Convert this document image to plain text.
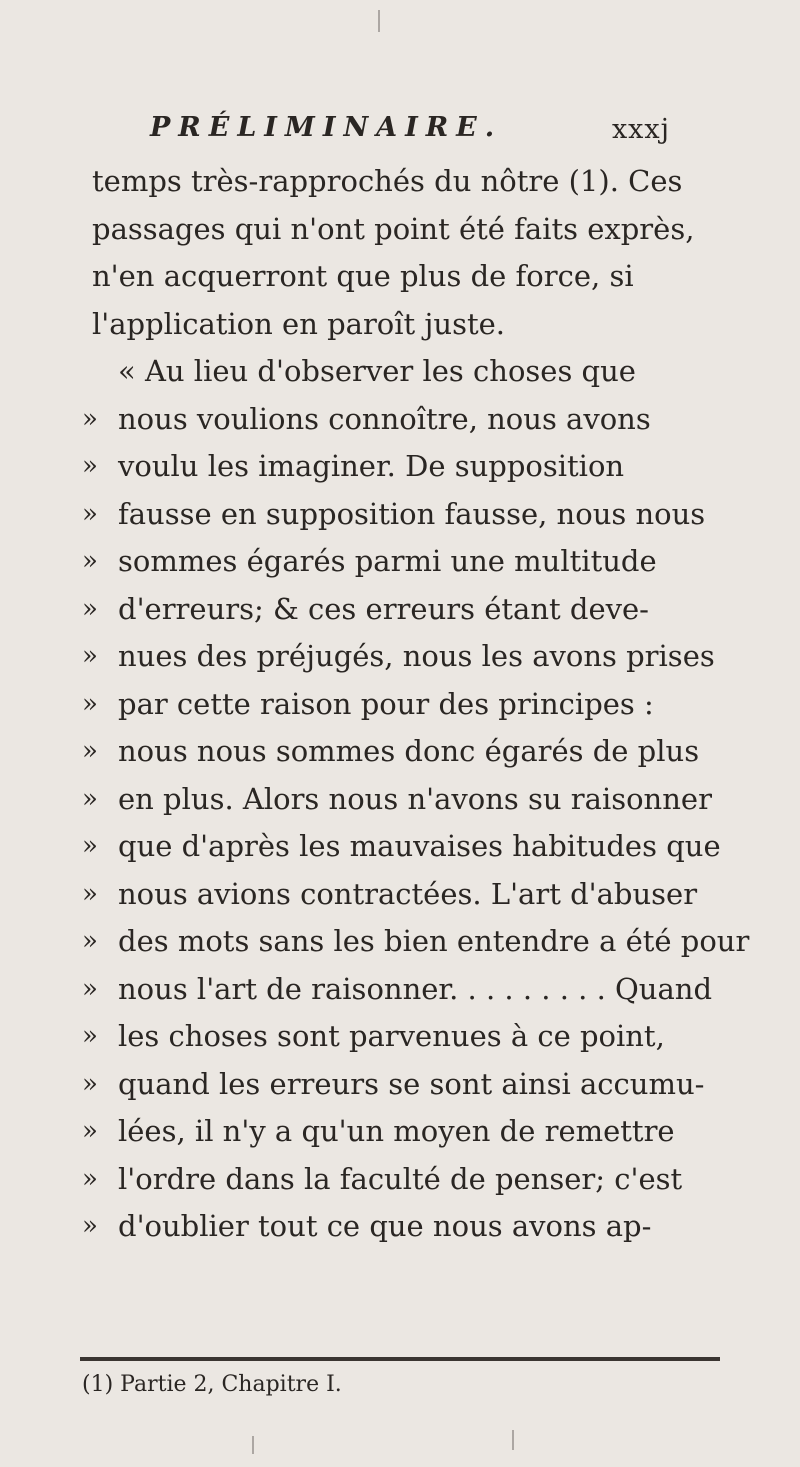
PRÉLIMINAIRE.	xxxj
temps très-rapprochés du nôtre (1). Ces
passages qui n'ont point été faits exprès,
n'en acquerront que plus de force, si
l'application en paroît juste.
« Au lieu d'observer les choses que
» nous voulions connoître, nous avons
» voulu les imaginer. De supposition
» fausse en supposition fausse, nous nous
» sommes égarés parmi une multitude
» d'erreurs; & ces erreurs étant deve-
» nues des préjugés, nous les avons prises
» par cette raison pour des principes :
» nous nous sommes donc égarés de plus
» en plus. Alors nous n'avons su raisonner
» que d'après les mauvaises habitudes que
» nous avions contractées. L'art d'abuser
» des mots sans les bien entendre a été pour
» nous l'art de raisonner. . . . . . . . . Quand
» les choses sont parvenues à ce point,
» quand les erreurs se sont ainsi accumu-
» lées, il n'y a qu'un moyen de remettre
» l'ordre dans la faculté de penser; c'est
» d'oublier tout ce que nous avons ap-
(1) Partie 2, Chapitre I.
